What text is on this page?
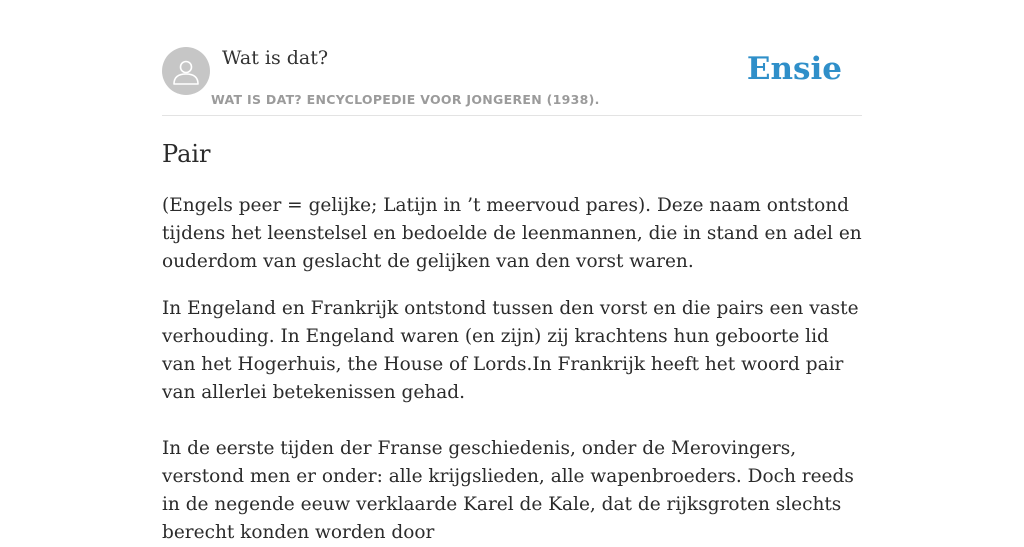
Wat is dat?
WAT IS DAT? ENCYCLOPEDIE VOOR JONGEREN (1938).
Ensie
Pair

(Engels peer = gelijke; Latijn in ’t meervoud pares). Deze naam ontstond tijdens het leenstelsel en bedoelde de leenmannen, die in stand en adel en ouderdom van geslacht de gelijken van den vorst waren.

In Engeland en Frankrijk ontstond tussen den vorst en die pairs een vaste verhouding. In Engeland waren (en zijn) zij krachtens hun geboorte lid van het Hogerhuis, the House of Lords.In Frankrijk heeft het woord pair van allerlei betekenissen gehad.

In de eerste tijden der Franse geschiedenis, onder de Merovingers, verstond men er onder: alle krijgslieden, alle wapenbroeders. Doch reeds in de negende eeuw verklaarde Karel de Kale, dat de rijksgroten slechts berecht konden worden door
